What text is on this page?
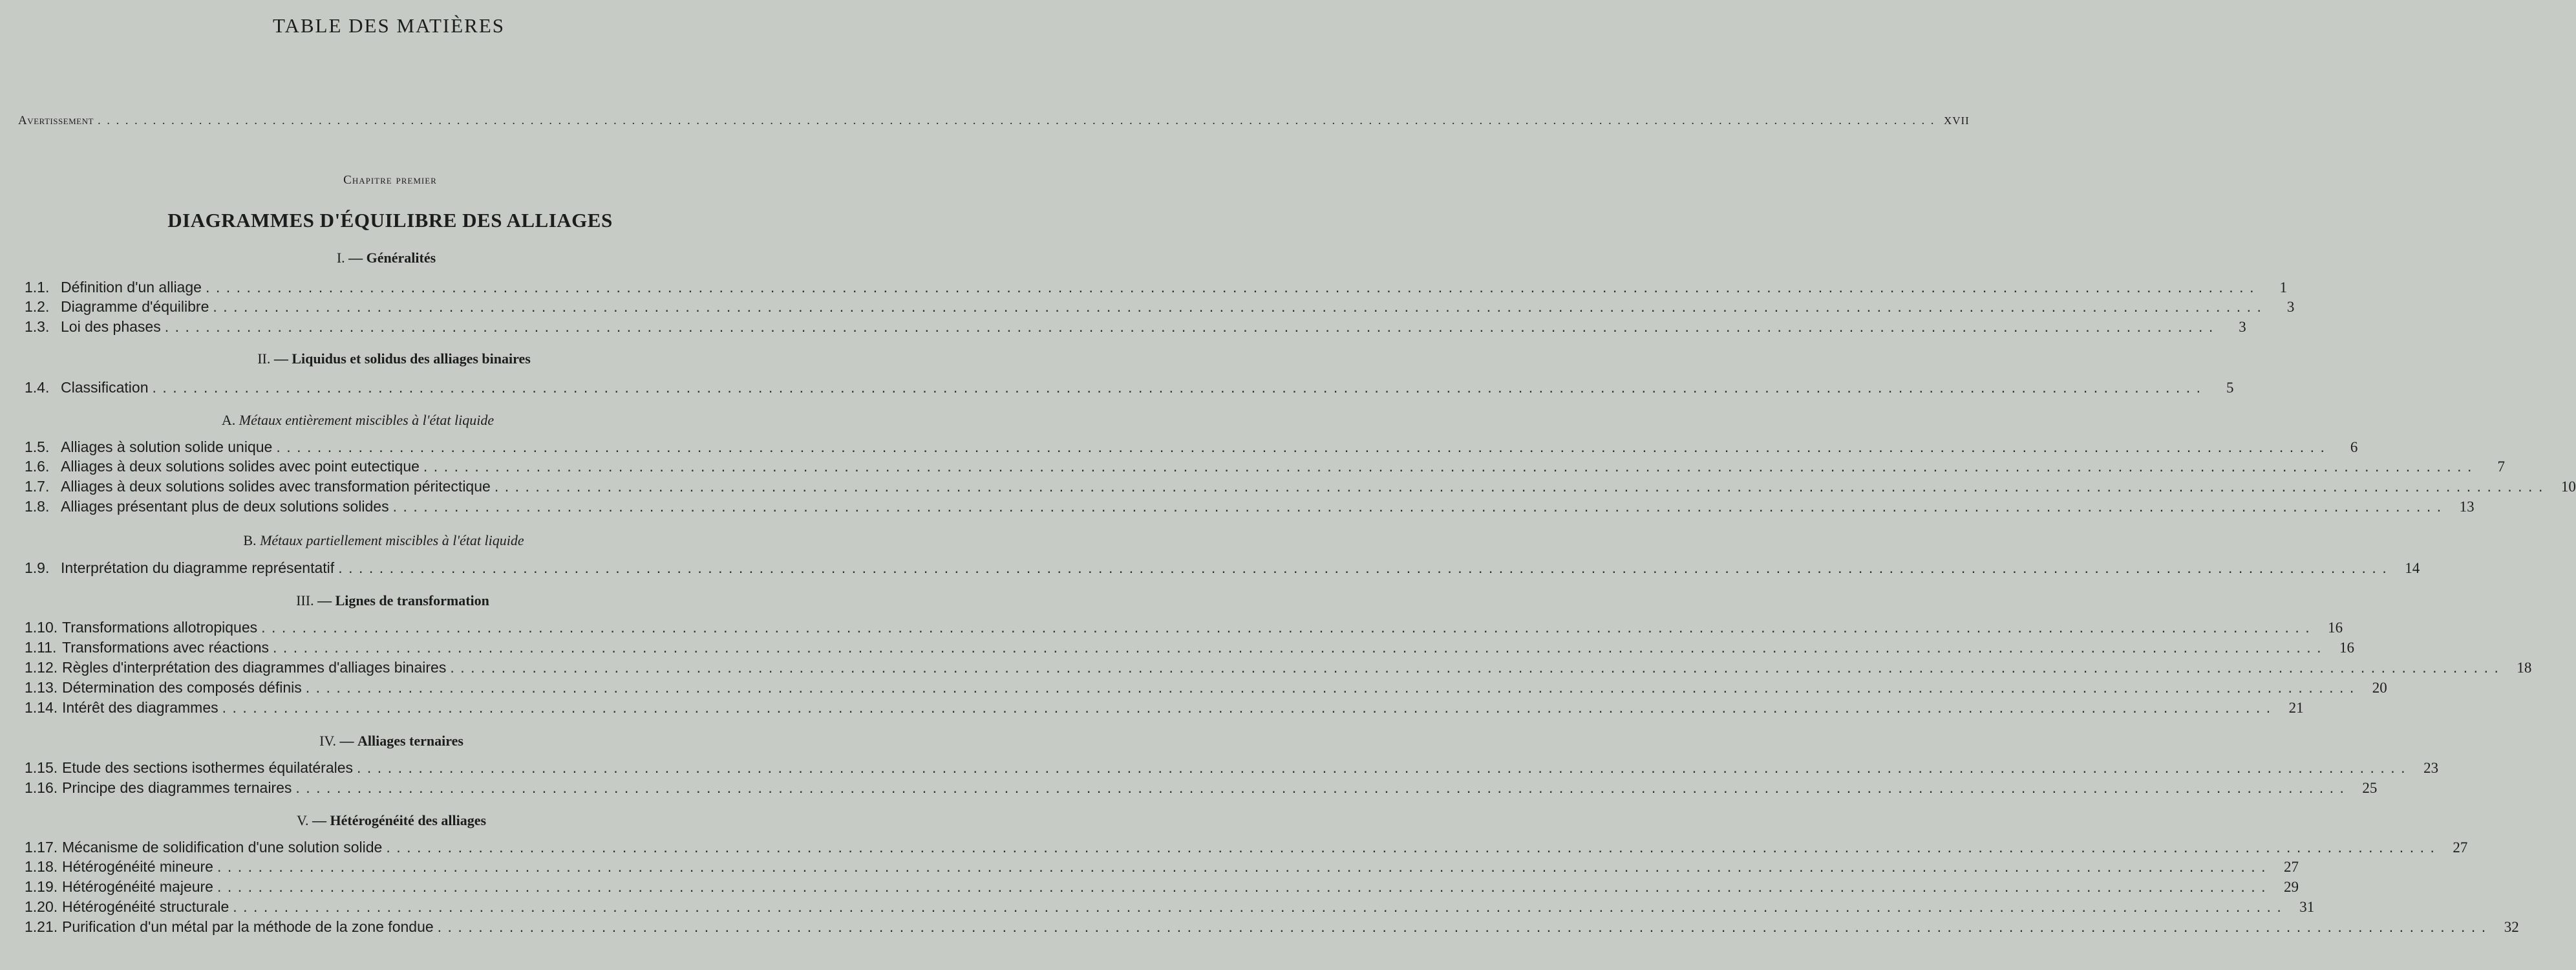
TABLE DES MATIÈRES
Avertissement ........................................................................................................................................................................................................ XVII
Chapitre premier
DIAGRAMMES D'ÉQUILIBRE DES ALLIAGES
I. — Généralités
1.1. Définition d'un alliage ........................................................................................................................................................................................................	1
1.2. Diagramme d'équilibre ........................................................................................................................................................................................................	3
1.3. Loi des phases ........................................................................................................................................................................................................	3
II. — Liquidus et solidus des alliages binaires
1.4. Classification ........................................................................................................................................................................................................	5
A. Métaux entièrement miscibles à l'état liquide
1.5. Alliages à solution solide unique ........................................................................................................................................................................................................	6
1.6. Alliages à deux solutions solides avec point eutectique ........................................................................................................................................................................................................	7
1.7. Alliages à deux solutions solides avec transformation péritectique ........................................................................................................................................................................................................ 10
1.8. Alliages présentant plus de deux solutions solides ........................................................................................................................................................................................................ 13
B. Métaux partiellement miscibles à l'état liquide
1.9. Interprétation du diagramme représentatif ........................................................................................................................................................................................................ 14
III. — Lignes de transformation
1.10. Transformations allotropiques ........................................................................................................................................................................................................ 16
1.11. Transformations avec réactions ........................................................................................................................................................................................................ 16
1.12. Règles d'interprétation des diagrammes d'alliages binaires ........................................................................................................................................................................................................ 18
1.13. Détermination des composés définis ........................................................................................................................................................................................................ 20
1.14. Intérêt des diagrammes ........................................................................................................................................................................................................ 21
IV. — Alliages ternaires
1.15. Etude des sections isothermes équilatérales ........................................................................................................................................................................................................ 23
1.16. Principe des diagrammes ternaires ........................................................................................................................................................................................................ 25
V. — Hétérogénéité des alliages
1.17. Mécanisme de solidification d'une solution solide ........................................................................................................................................................................................................ 27
1.18. Hétérogénéité mineure ........................................................................................................................................................................................................ 27
1.19. Hétérogénéité majeure ........................................................................................................................................................................................................ 29
1.20. Hétérogénéité structurale ........................................................................................................................................................................................................ 31
1.21. Purification d'un métal par la méthode de la zone fondue ........................................................................................................................................................................................................ 32
